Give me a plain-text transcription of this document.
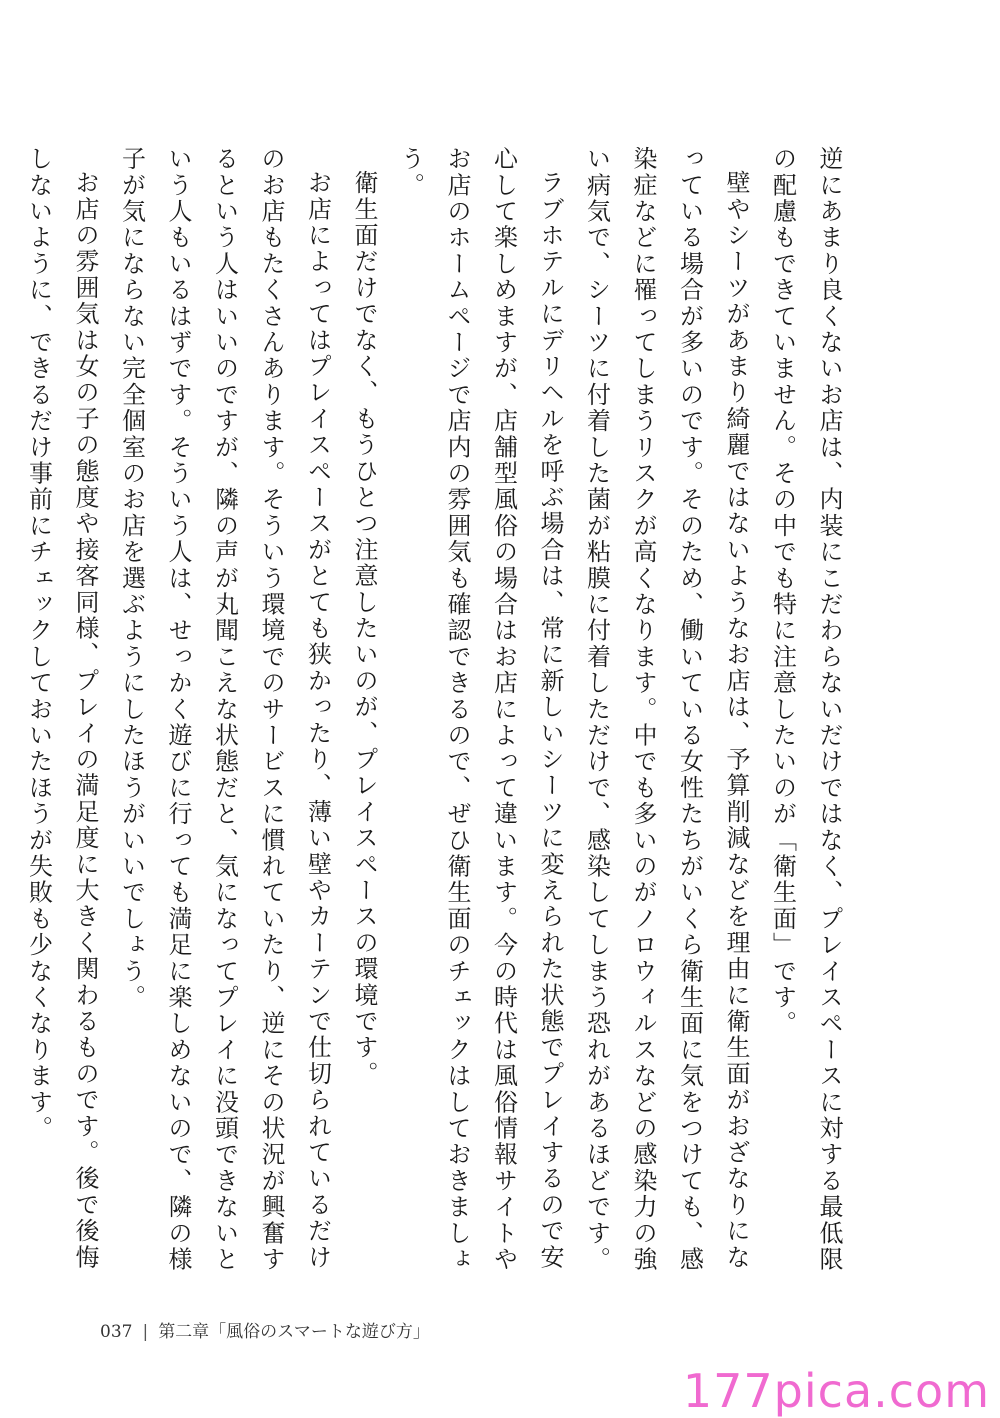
逆にあまり良くないお店は、内装にこだわらないだけではなく、プレイスペースに対する最低限の配慮もできていません。その中でも特に注意したいのが「衛生面」です。

壁やシーツがあまり綺麗ではないようなお店は、予算削減などを理由に衛生面がおざなりになっている場合が多いのです。そのため、働いている女性たちがいくら衛生面に気をつけても、感染症などに罹ってしまうリスクが高くなります。中でも多いのがノロウィルスなどの感染力の強い病気で、シーツに付着した菌が粘膜に付着しただけで、感染してしまう恐れがあるほどです。

ラブホテルにデリヘルを呼ぶ場合は、常に新しいシーツに変えられた状態でプレイするので安心して楽しめますが、店舗型風俗の場合はお店によって違います。今の時代は風俗情報サイトやお店のホームページで店内の雰囲気も確認できるので、ぜひ衛生面のチェックはしておきましょう。

衛生面だけでなく、もうひとつ注意したいのが、プレイスペースの環境です。

お店によってはプレイスペースがとても狭かったり、薄い壁やカーテンで仕切られているだけのお店もたくさんあります。そういう環境でのサービスに慣れていたり、逆にその状況が興奮するという人はいいのですが、隣の声が丸聞こえな状態だと、気になってプレイに没頭できないという人もいるはずです。そういう人は、せっかく遊びに行っても満足に楽しめないので、隣の様子が気にならない完全個室のお店を選ぶようにしたほうがいいでしょう。

お店の雰囲気は女の子の態度や接客同様、プレイの満足度に大きく関わるものです。後で後悔しないように、できるだけ事前にチェックしておいたほうが失敗も少なくなります。

037 | 第二章「風俗のスマートな遊び方」
177pica.com
